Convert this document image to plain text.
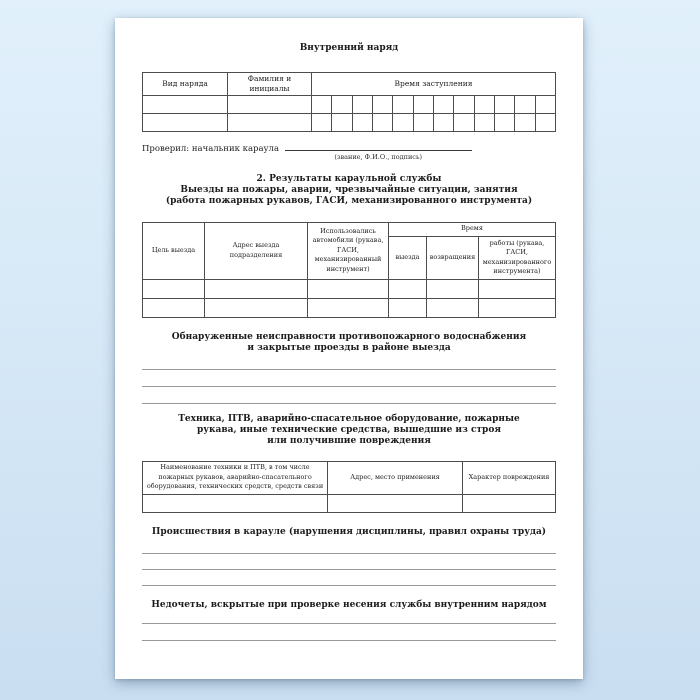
Внутренний наряд
Вид наряда	Фамилия и инициалы	Время заступления											

Проверил: начальник караула
(звание, Ф.И.О., подпись)
2. Результаты караульной службы
Выезды на пожары, аварии, чрезвычайные ситуации, занятия
(работа пожарных рукавов, ГАСИ, механизированного инструмента)
Цель выезда	Адрес выезда подразделения	Использовались автомобили (рукава, ГАСИ, механизированный инструмент)	Время		
			выезда	возвращения	работы (рукава, ГАСИ, механизированного инструмента)

Обнаруженные неисправности противопожарного водоснабжения
и закрытые проезды в районе выезда
Техника, ПТВ, аварийно-спасательное оборудование, пожарные
рукава, иные технические средства, вышедшие из строя
или получившие повреждения
Наименование техники и ПТВ, в том числе пожарных рукавов, аварийно-спасательного оборудования, технических средств, средств связи	Адрес, место применения	Характер повреждения

Происшествия в карауле (нарушения дисциплины, правил охраны труда)
Недочеты, вскрытые при проверке несения службы внутренним нарядом
